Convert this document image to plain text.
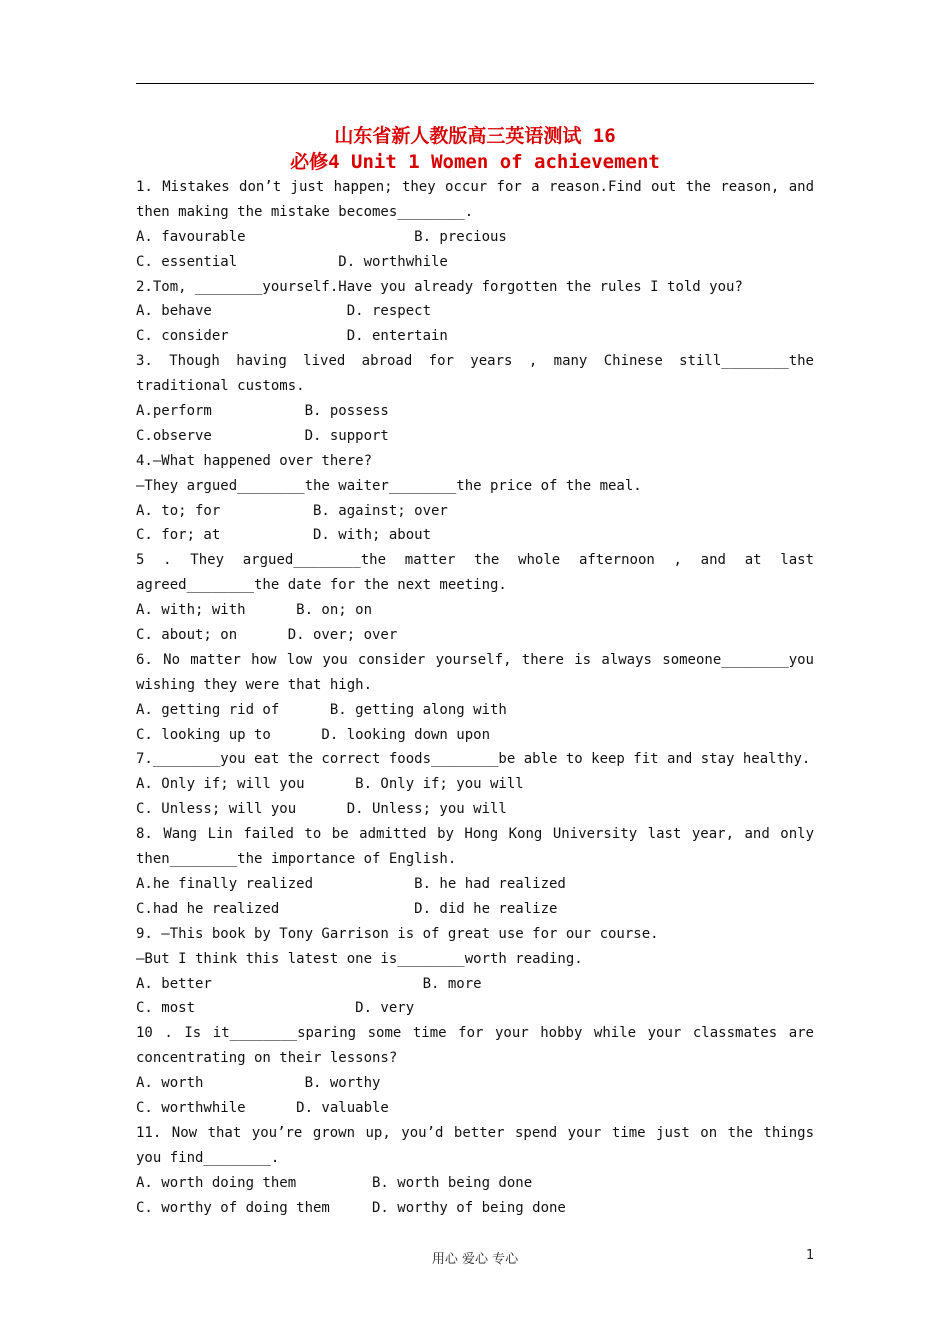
山东省新人教版高三英语测试 16
必修4 Unit 1 Women of achievement
1. Mistakes don’t just happen; they occur for a reason.Find out the reason, and
then making the mistake becomes________.
A. favourable                    B. precious
C. essential            D. worthwhile
2.Tom, ________yourself.Have you already forgotten the rules I told you?
A. behave                D. respect
C. consider              D. entertain
3. Though having lived abroad for years , many Chinese still________the
traditional customs.
A.perform           B. possess
C.observe           D. support
4.—What happened over there?
—They argued________the waiter________the price of the meal.
A. to; for           B. against; over
C. for; at           D. with; about
5 . They argued________the matter the whole afternoon , and at last
agreed________the date for the next meeting.
A. with; with      B. on; on
C. about; on      D. over; over
6. No matter how low you consider yourself, there is always someone________you
wishing they were that high.
A. getting rid of      B. getting along with
C. looking up to      D. looking down upon
7.________you eat the correct foods________be able to keep fit and stay healthy.
A. Only if; will you      B. Only if; you will
C. Unless; will you      D. Unless; you will
8. Wang Lin failed to be admitted by Hong Kong University last year, and only
then________the importance of English.
A.he finally realized            B. he had realized
C.had he realized                D. did he realize
9. —This book by Tony Garrison is of great use for our course.
—But I think this latest one is________worth reading.
A. better                         B. more
C. most                   D. very
10 . Is it________sparing some time for your hobby while your classmates are
concentrating on their lessons?
A. worth            B. worthy
C. worthwhile      D. valuable
11. Now that you’re grown up, you’d better spend your time just on the things
you find________.
A. worth doing them         B. worth being done
C. worthy of doing them     D. worthy of being done
用心 爱心 专心	1
